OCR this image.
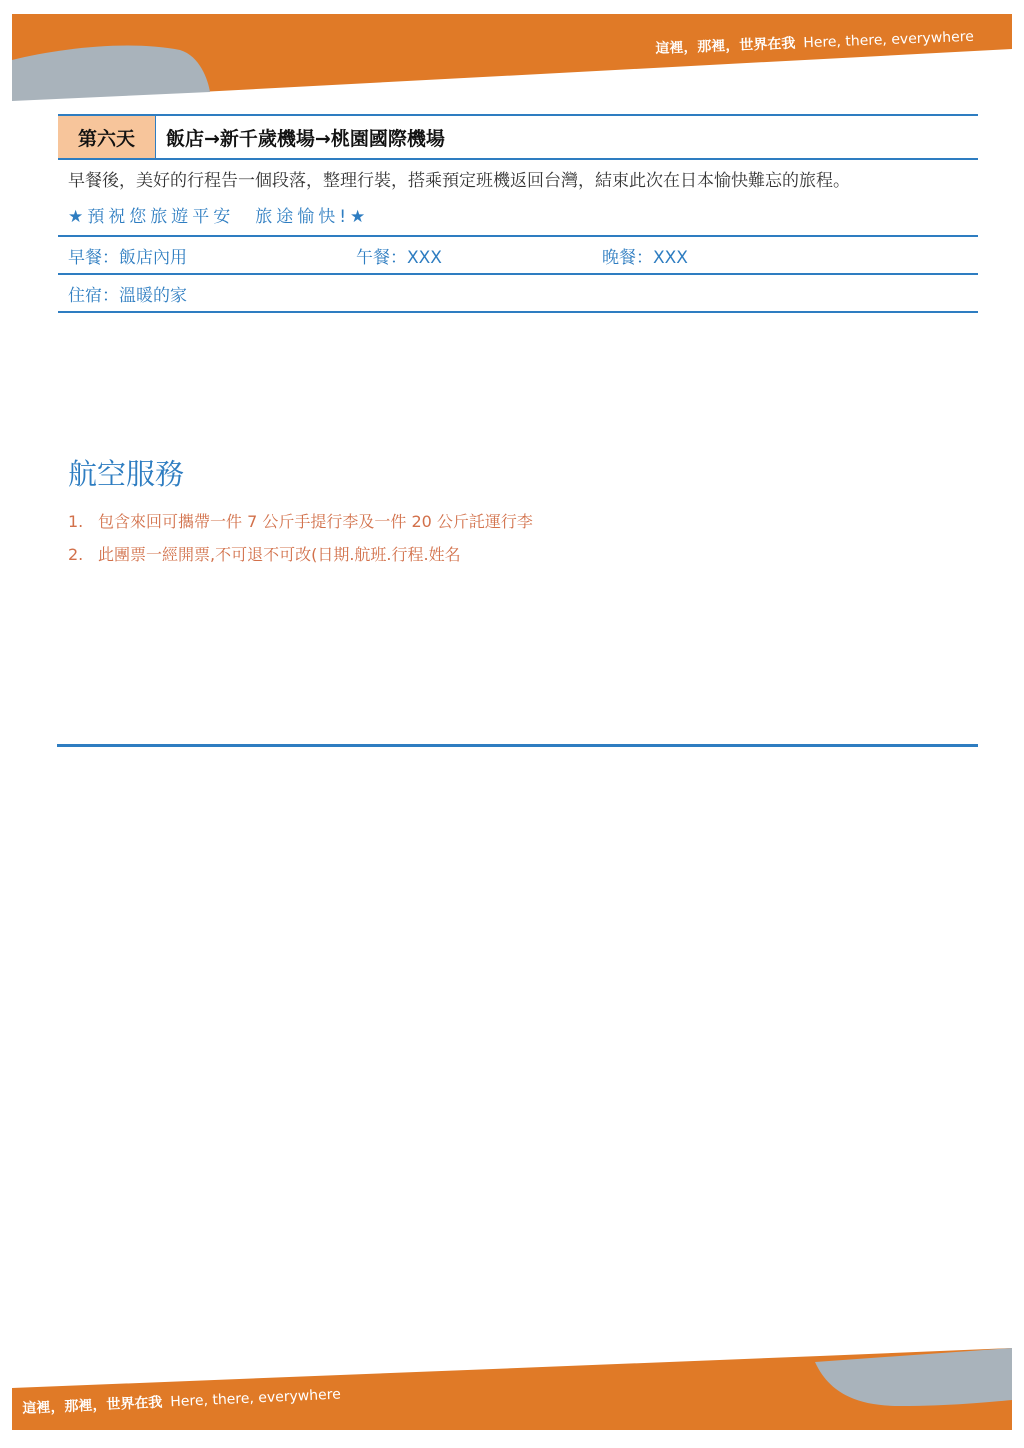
這裡，那裡，世界在我 Here, there, everywhere
第六天	飯店→新千歲機場→桃園國際機場
早餐後，美好的行程告一個段落，整理行裝，搭乘預定班機返回台灣，結束此次在日本愉快難忘的旅程。
★預祝您旅遊平安　旅途愉快!★
早餐：飯店內用	午餐：XXX	晚餐：XXX
住宿：溫暖的家
航空服務
1. 包含來回可攜帶一件 7 公斤手提行李及一件 20 公斤託運行李
2. 此團票一經開票,不可退不可改(日期.航班.行程.姓名
這裡，那裡，世界在我 Here, there, everywhere
